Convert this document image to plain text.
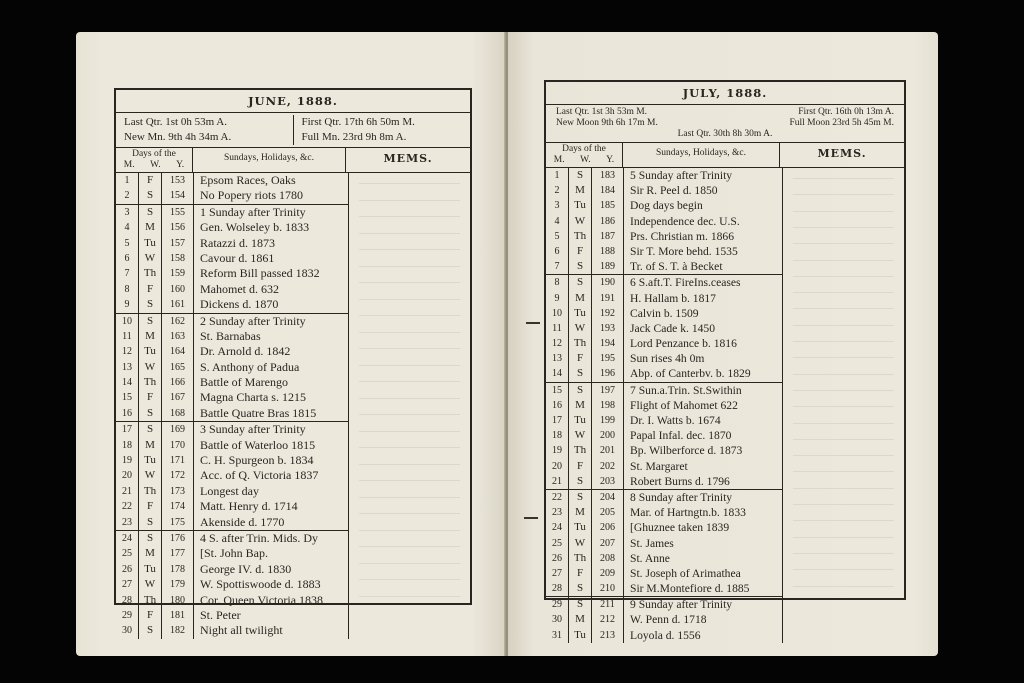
JUNE, 1888.
Last Qtr. 1st 0h 53m A.
New Mn. 9th 4h 34m A.
First Qtr. 17th 6h 50m M.
Full Mn. 23rd 9h 8m A.
Days of the
M. W. Y.
Sundays, Holidays, &c.	MEMS.
1	F	153	Epsom Races, Oaks
2	S	154	No Popery riots 1780
3	S	155	1 Sunday after Trinity
4	M	156	Gen. Wolseley b. 1833
5	Tu	157	Ratazzi d. 1873
6	W	158	Cavour d. 1861
7	Th	159	Reform Bill passed 1832
8	F	160	Mahomet d. 632
9	S	161	Dickens d. 1870
10	S	162	2 Sunday after Trinity
11	M	163	St. Barnabas
12	Tu	164	Dr. Arnold d. 1842
13	W	165	S. Anthony of Padua
14	Th	166	Battle of Marengo
15	F	167	Magna Charta s. 1215
16	S	168	Battle Quatre Bras 1815
17	S	169	3 Sunday after Trinity
18	M	170	Battle of Waterloo 1815
19	Tu	171	C. H. Spurgeon b. 1834
20	W	172	Acc. of Q. Victoria 1837
21	Th	173	Longest day
22	F	174	Matt. Henry d. 1714
23	S	175	Akenside d. 1770
24	S	176	4 S. after Trin. Mids. Dy
25	M	177	[St. John Bap.
26	Tu	178	George IV. d. 1830
27	W	179	W. Spottiswoode d. 1883
28	Th	180	Cor. Queen Victoria 1838
29	F	181	St. Peter
30	S	182	Night all twilight
JULY, 1888.
Last Qtr. 1st 3h 53m M.	First Qtr. 16th 0h 13m A.
New Moon 9th 6h 17m M.	Full Moon 23rd 5h 45m M.
Last Qtr. 30th 8h 30m A.
Days of the
M. W. Y.
Sundays, Holidays, &c.	MEMS.
1	S	183	5 Sunday after Trinity
2	M	184	Sir R. Peel d. 1850
3	Tu	185	Dog days begin
4	W	186	Independence dec. U.S.
5	Th	187	Prs. Christian m. 1866
6	F	188	Sir T. More behd. 1535
7	S	189	Tr. of S. T. à Becket
8	S	190	6 S.aft.T. FireIns.ceases
9	M	191	H. Hallam b. 1817
10	Tu	192	Calvin b. 1509
11	W	193	Jack Cade k. 1450
12	Th	194	Lord Penzance b. 1816
13	F	195	Sun rises 4h 0m
14	S	196	Abp. of Canterbv. b. 1829
15	S	197	7 Sun.a.Trin. St.Swithin
16	M	198	Flight of Mahomet 622
17	Tu	199	Dr. I. Watts b. 1674
18	W	200	Papal Infal. dec. 1870
19	Th	201	Bp. Wilberforce d. 1873
20	F	202	St. Margaret
21	S	203	Robert Burns d. 1796
22	S	204	8 Sunday after Trinity
23	M	205	Mar. of Hartngtn.b. 1833
24	Tu	206	[Ghuznee taken 1839
25	W	207	St. James
26	Th	208	St. Anne
27	F	209	St. Joseph of Arimathea
28	S	210	Sir M.Montefiore d. 1885
29	S	211	9 Sunday after Trinity
30	M	212	W. Penn d. 1718
31	Tu	213	Loyola d. 1556
